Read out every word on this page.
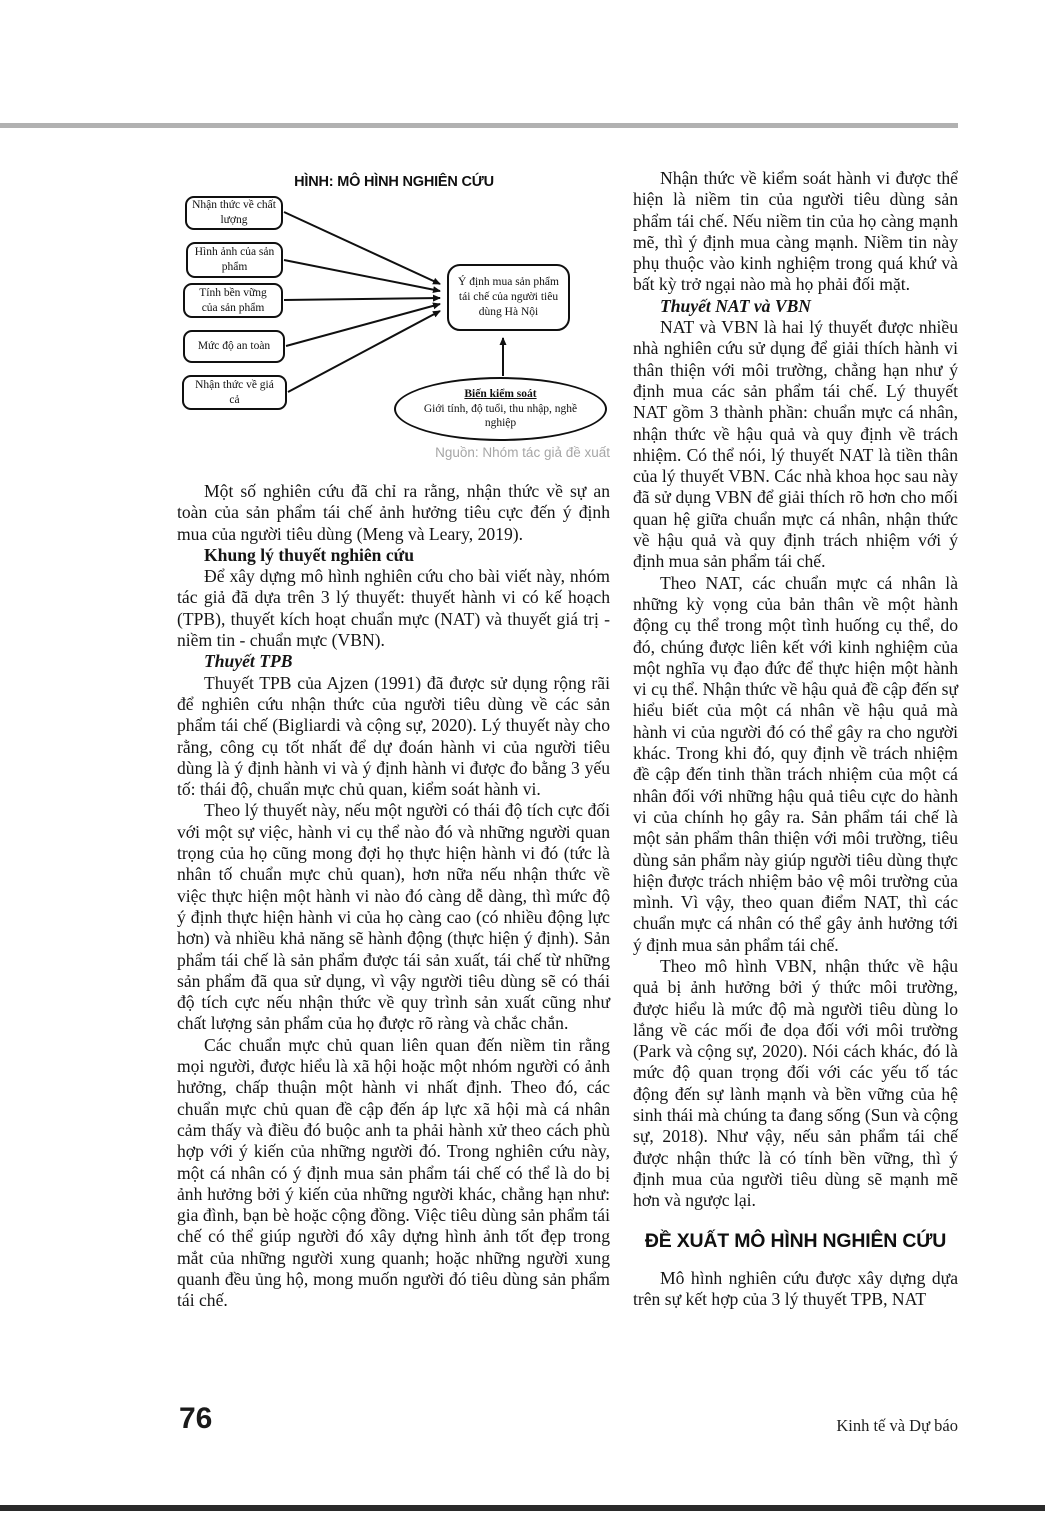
HÌNH: MÔ HÌNH NGHIÊN CỨU
Nhận thức về chất lượng
Hình ảnh của sản phẩm
Tính bền vững của sản phẩm
Mức độ an toàn
Nhận thức về giá cả
Ý định mua sản phẩm tái chế của người tiêu dùng Hà Nội
Biến kiểm soát
Giới tính, độ tuổi, thu nhập, nghề nghiệp
Nguồn: Nhóm tác giả đề xuất

Một số nghiên cứu đã chỉ ra rằng, nhận thức về sự an toàn của sản phẩm tái chế ảnh hưởng tiêu cực đến ý định mua của người tiêu dùng (Meng và Leary, 2019).

Khung lý thuyết nghiên cứu

Để xây dựng mô hình nghiên cứu cho bài viết này, nhóm tác giả đã dựa trên 3 lý thuyết: thuyết hành vi có kế hoạch (TPB), thuyết kích hoạt chuẩn mực (NAT) và thuyết giá trị - niềm tin - chuẩn mực (VBN).

Thuyết TPB

Thuyết TPB của Ajzen (1991) đã được sử dụng rộng rãi để nghiên cứu nhận thức của người tiêu dùng về các sản phẩm tái chế (Bigliardi và cộng sự, 2020). Lý thuyết này cho rằng, công cụ tốt nhất để dự đoán hành vi của người tiêu dùng là ý định hành vi và ý định hành vi được đo bằng 3 yếu tố: thái độ, chuẩn mực chủ quan, kiểm soát hành vi.

Theo lý thuyết này, nếu một người có thái độ tích cực đối với một sự việc, hành vi cụ thể nào đó và những người quan trọng của họ cũng mong đợi họ thực hiện hành vi đó (tức là nhân tố chuẩn mực chủ quan), hơn nữa nếu nhận thức về việc thực hiện một hành vi nào đó càng dễ dàng, thì mức độ ý định thực hiện hành vi của họ càng cao (có nhiều động lực hơn) và nhiều khả năng sẽ hành động (thực hiện ý định). Sản phẩm tái chế là sản phẩm được tái sản xuất, tái chế từ những sản phẩm đã qua sử dụng, vì vậy người tiêu dùng sẽ có thái độ tích cực nếu nhận thức về quy trình sản xuất cũng như chất lượng sản phẩm của họ được rõ ràng và chắc chắn.

Các chuẩn mực chủ quan liên quan đến niềm tin rằng mọi người, được hiểu là xã hội hoặc một nhóm người có ảnh hưởng, chấp thuận một hành vi nhất định. Theo đó, các chuẩn mực chủ quan đề cập đến áp lực xã hội mà cá nhân cảm thấy và điều đó buộc anh ta phải hành xử theo cách phù hợp với ý kiến của những người đó. Trong nghiên cứu này, một cá nhân có ý định mua sản phẩm tái chế có thể là do bị ảnh hưởng bởi ý kiến của những người khác, chẳng hạn như: gia đình, bạn bè hoặc cộng đồng. Việc tiêu dùng sản phẩm tái chế có thể giúp người đó xây dựng hình ảnh tốt đẹp trong mắt của những người xung quanh; hoặc những người xung quanh đều ủng hộ, mong muốn người đó tiêu dùng sản phẩm tái chế.

Nhận thức về kiểm soát hành vi được thể hiện là niềm tin của người tiêu dùng sản phẩm tái chế. Nếu niềm tin của họ càng mạnh mẽ, thì ý định mua càng mạnh. Niềm tin này phụ thuộc vào kinh nghiệm trong quá khứ và bất kỳ trở ngại nào mà họ phải đối mặt.

Thuyết NAT và VBN

NAT và VBN là hai lý thuyết được nhiều nhà nghiên cứu sử dụng để giải thích hành vi thân thiện với môi trường, chẳng hạn như ý định mua các sản phẩm tái chế. Lý thuyết NAT gồm 3 thành phần: chuẩn mực cá nhân, nhận thức về hậu quả và quy định về trách nhiệm. Có thể nói, lý thuyết NAT là tiền thân của lý thuyết VBN. Các nhà khoa học sau này đã sử dụng VBN để giải thích rõ hơn cho mối quan hệ giữa chuẩn mực cá nhân, nhận thức về hậu quả và quy định trách nhiệm với ý định mua sản phẩm tái chế.

Theo NAT, các chuẩn mực cá nhân là những kỳ vọng của bản thân về một hành động cụ thể trong một tình huống cụ thể, do đó, chúng được liên kết với kinh nghiệm của một nghĩa vụ đạo đức để thực hiện một hành vi cụ thể. Nhận thức về hậu quả đề cập đến sự hiểu biết của một cá nhân về hậu quả mà hành vi của người đó có thể gây ra cho người khác. Trong khi đó, quy định về trách nhiệm đề cập đến tinh thần trách nhiệm của một cá nhân đối với những hậu quả tiêu cực do hành vi của chính họ gây ra. Sản phẩm tái chế là một sản phẩm thân thiện với môi trường, tiêu dùng sản phẩm này giúp người tiêu dùng thực hiện được trách nhiệm bảo vệ môi trường của mình. Vì vậy, theo quan điểm NAT, thì các chuẩn mực cá nhân có thể gây ảnh hưởng tới ý định mua sản phẩm tái chế.

Theo mô hình VBN, nhận thức về hậu quả bị ảnh hưởng bởi ý thức môi trường, được hiểu là mức độ mà người tiêu dùng lo lắng về các mối đe dọa đối với môi trường (Park và cộng sự, 2020). Nói cách khác, đó là mức độ quan trọng đối với các yếu tố tác động đến sự lành mạnh và bền vững của hệ sinh thái mà chúng ta đang sống (Sun và cộng sự, 2018). Như vậy, nếu sản phẩm tái chế được nhận thức là có tính bền vững, thì ý định mua của người tiêu dùng sẽ mạnh mẽ hơn và ngược lại.

ĐỀ XUẤT MÔ HÌNH NGHIÊN CỨU

Mô hình nghiên cứu được xây dựng dựa trên sự kết hợp của 3 lý thuyết TPB, NAT

76	Kinh tế và Dự báo
